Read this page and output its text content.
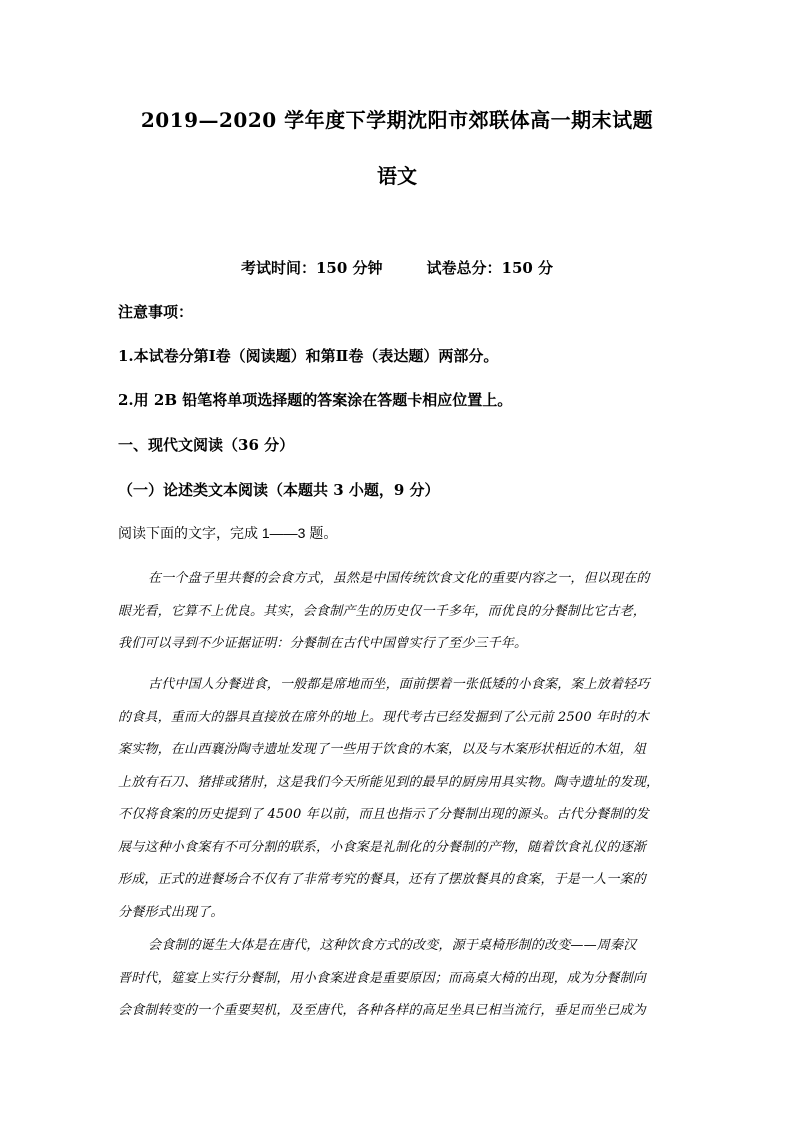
2019—2020 学年度下学期沈阳市郊联体高一期末试题
语文
考试时间：150 分钟	试卷总分：150 分
注意事项：
1.本试卷分第Ⅰ卷（阅读题）和第Ⅱ卷（表达题）两部分。
2.用 2B 铅笔将单项选择题的答案涂在答题卡相应位置上。
一、现代文阅读（36 分）
（一）论述类文本阅读（本题共 3 小题，9 分）
阅读下面的文字，完成 1——3 题。
在一个盘子里共餐的会食方式，虽然是中国传统饮食文化的重要内容之一，但以现在的
眼光看，它算不上优良。其实，会食制产生的历史仅一千多年，而优良的分餐制比它古老，
我们可以寻到不少证据证明：分餐制在古代中国曾实行了至少三千年。
古代中国人分餐进食，一般都是席地而坐，面前摆着一张低矮的小食案，案上放着轻巧
的食具，重而大的器具直接放在席外的地上。现代考古已经发掘到了公元前 2500 年时的木
案实物，在山西襄汾陶寺遗址发现了一些用于饮食的木案，以及与木案形状相近的木俎，俎
上放有石刀、猪排或猪肘，这是我们今天所能见到的最早的厨房用具实物。陶寺遗址的发现，
不仅将食案的历史提到了 4500 年以前，而且也指示了分餐制出现的源头。古代分餐制的发
展与这种小食案有不可分割的联系，小食案是礼制化的分餐制的产物，随着饮食礼仪的逐渐
形成，正式的进餐场合不仅有了非常考究的餐具，还有了摆放餐具的食案，于是一人一案的
分餐形式出现了。
会食制的诞生大体是在唐代，这种饮食方式的改变，源于桌椅形制的改变——周秦汉
晋时代，筵宴上实行分餐制，用小食案进食是重要原因；而高桌大椅的出现，成为分餐制向
会食制转变的一个重要契机，及至唐代，各种各样的高足坐具已相当流行，垂足而坐已成为
